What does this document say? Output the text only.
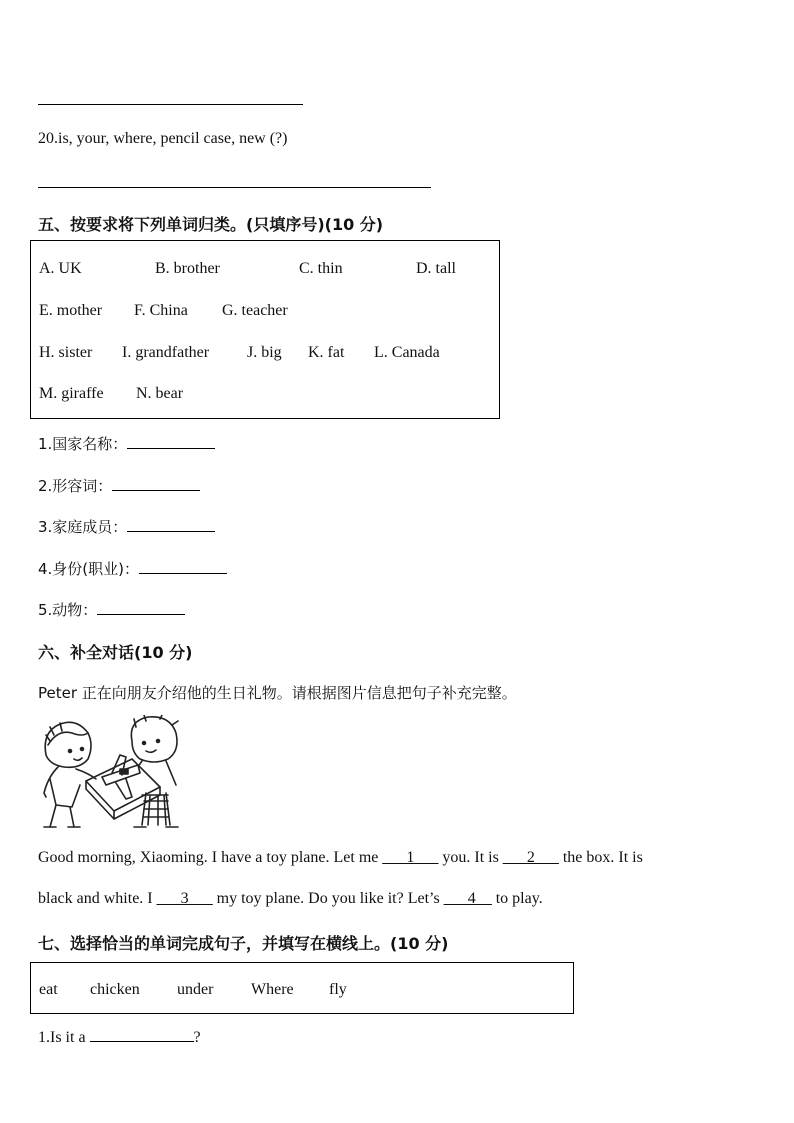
20.is, your, where, pencil case, new (?)
五、按要求将下列单词归类。(只填序号)(10 分)
A. UK	B. brother	C. thin	D. tall
E. mother F. China G. teacher
H. sister I. grandfather J. big K. fat L. Canada
M. giraffe N. bear
1.国家名称：
2.形容词：
3.家庭成员：
4.身份(职业)：
5.动物：
六、补全对话(10 分)
Peter 正在向朋友介绍他的生日礼物。请根据图片信息把句子补充完整。
Good morning, Xiaoming. I have a toy plane. Let me ___1___ you. It is ___2___ the box. It is
black and white. I ___3___ my toy plane. Do you like it? Let’s ___4__ to play.
七、选择恰当的单词完成句子，并填写在横线上。(10 分)
eat chicken under Where fly
1.Is it a	?
